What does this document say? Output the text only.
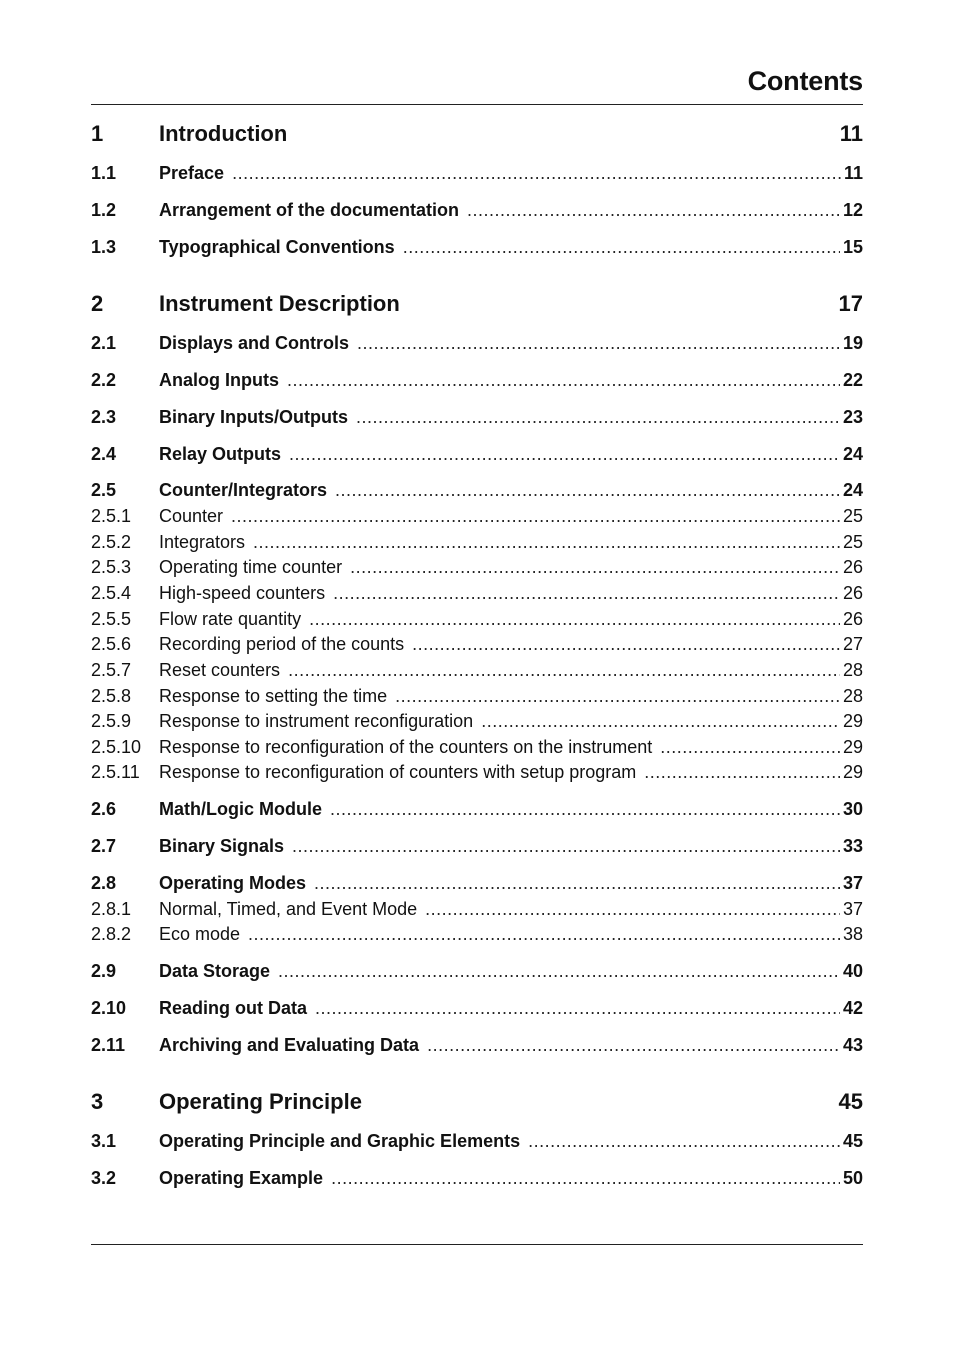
Contents
1	Introduction	11
1.1	Preface .....	11
1.2	Arrangement of the documentation .....	12
1.3	Typographical Conventions .....	15
2	Instrument Description	17
2.1	Displays and Controls .....	19
2.2	Analog Inputs .....	22
2.3	Binary Inputs/Outputs .....	23
2.4	Relay Outputs .....	24
2.5	Counter/Integrators .....	24
2.5.1	Counter .....	25
2.5.2	Integrators .....	25
2.5.3	Operating time counter .....	26
2.5.4	High-speed counters .....	26
2.5.5	Flow rate quantity .....	26
2.5.6	Recording period of the counts .....	27
2.5.7	Reset counters .....	28
2.5.8	Response to setting the time .....	28
2.5.9	Response to instrument reconfiguration .....	29
2.5.10 Response to reconfiguration of the counters on the instrument .....	29
2.5.11	Response to reconfiguration of counters with setup program .....	29
2.6	Math/Logic Module .....	30
2.7	Binary Signals .....	33
2.8	Operating Modes .....	37
2.8.1	Normal, Timed, and Event Mode .....	37
2.8.2	Eco mode .....	38
2.9	Data Storage .....	40
2.10	Reading out Data .....	42
2.11	Archiving and Evaluating Data .....	43
3	Operating Principle	45
3.1	Operating Principle and Graphic Elements .....	45
3.2	Operating Example .....	50
